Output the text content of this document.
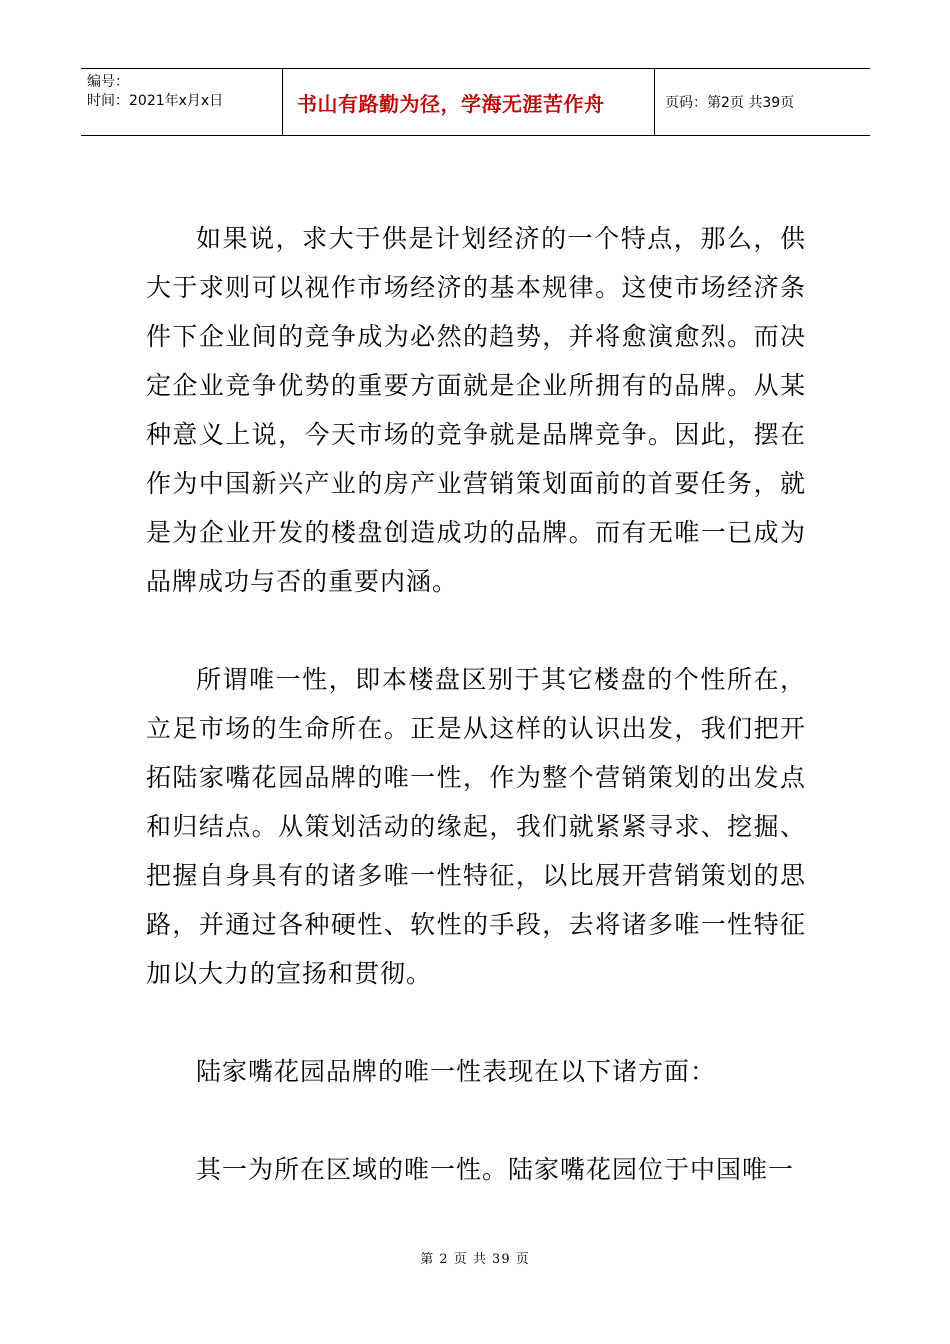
编号：
时间：2021年x月x日	书山有路勤为径，学海无涯苦作舟	页码：第2页 共39页

如果说，求大于供是计划经济的一个特点，那么，供大于求则可以视作市场经济的基本规律。这使市场经济条件下企业间的竞争成为必然的趋势，并将愈演愈烈。而决定企业竞争优势的重要方面就是企业所拥有的品牌。从某种意义上说，今天市场的竞争就是品牌竞争。因此，摆在作为中国新兴产业的房产业营销策划面前的首要任务，就是为企业开发的楼盘创造成功的品牌。而有无唯一已成为品牌成功与否的重要内涵。

所谓唯一性，即本楼盘区别于其它楼盘的个性所在，立足市场的生命所在。正是从这样的认识出发，我们把开拓陆家嘴花园品牌的唯一性，作为整个营销策划的出发点和归结点。从策划活动的缘起，我们就紧紧寻求、挖掘、把握自身具有的诸多唯一性特征，以比展开营销策划的思路，并通过各种硬性、软性的手段，去将诸多唯一性特征加以大力的宣扬和贯彻。

陆家嘴花园品牌的唯一性表现在以下诸方面：

其一为所在区域的唯一性。陆家嘴花园位于中国唯一

第 2 页 共 39 页
